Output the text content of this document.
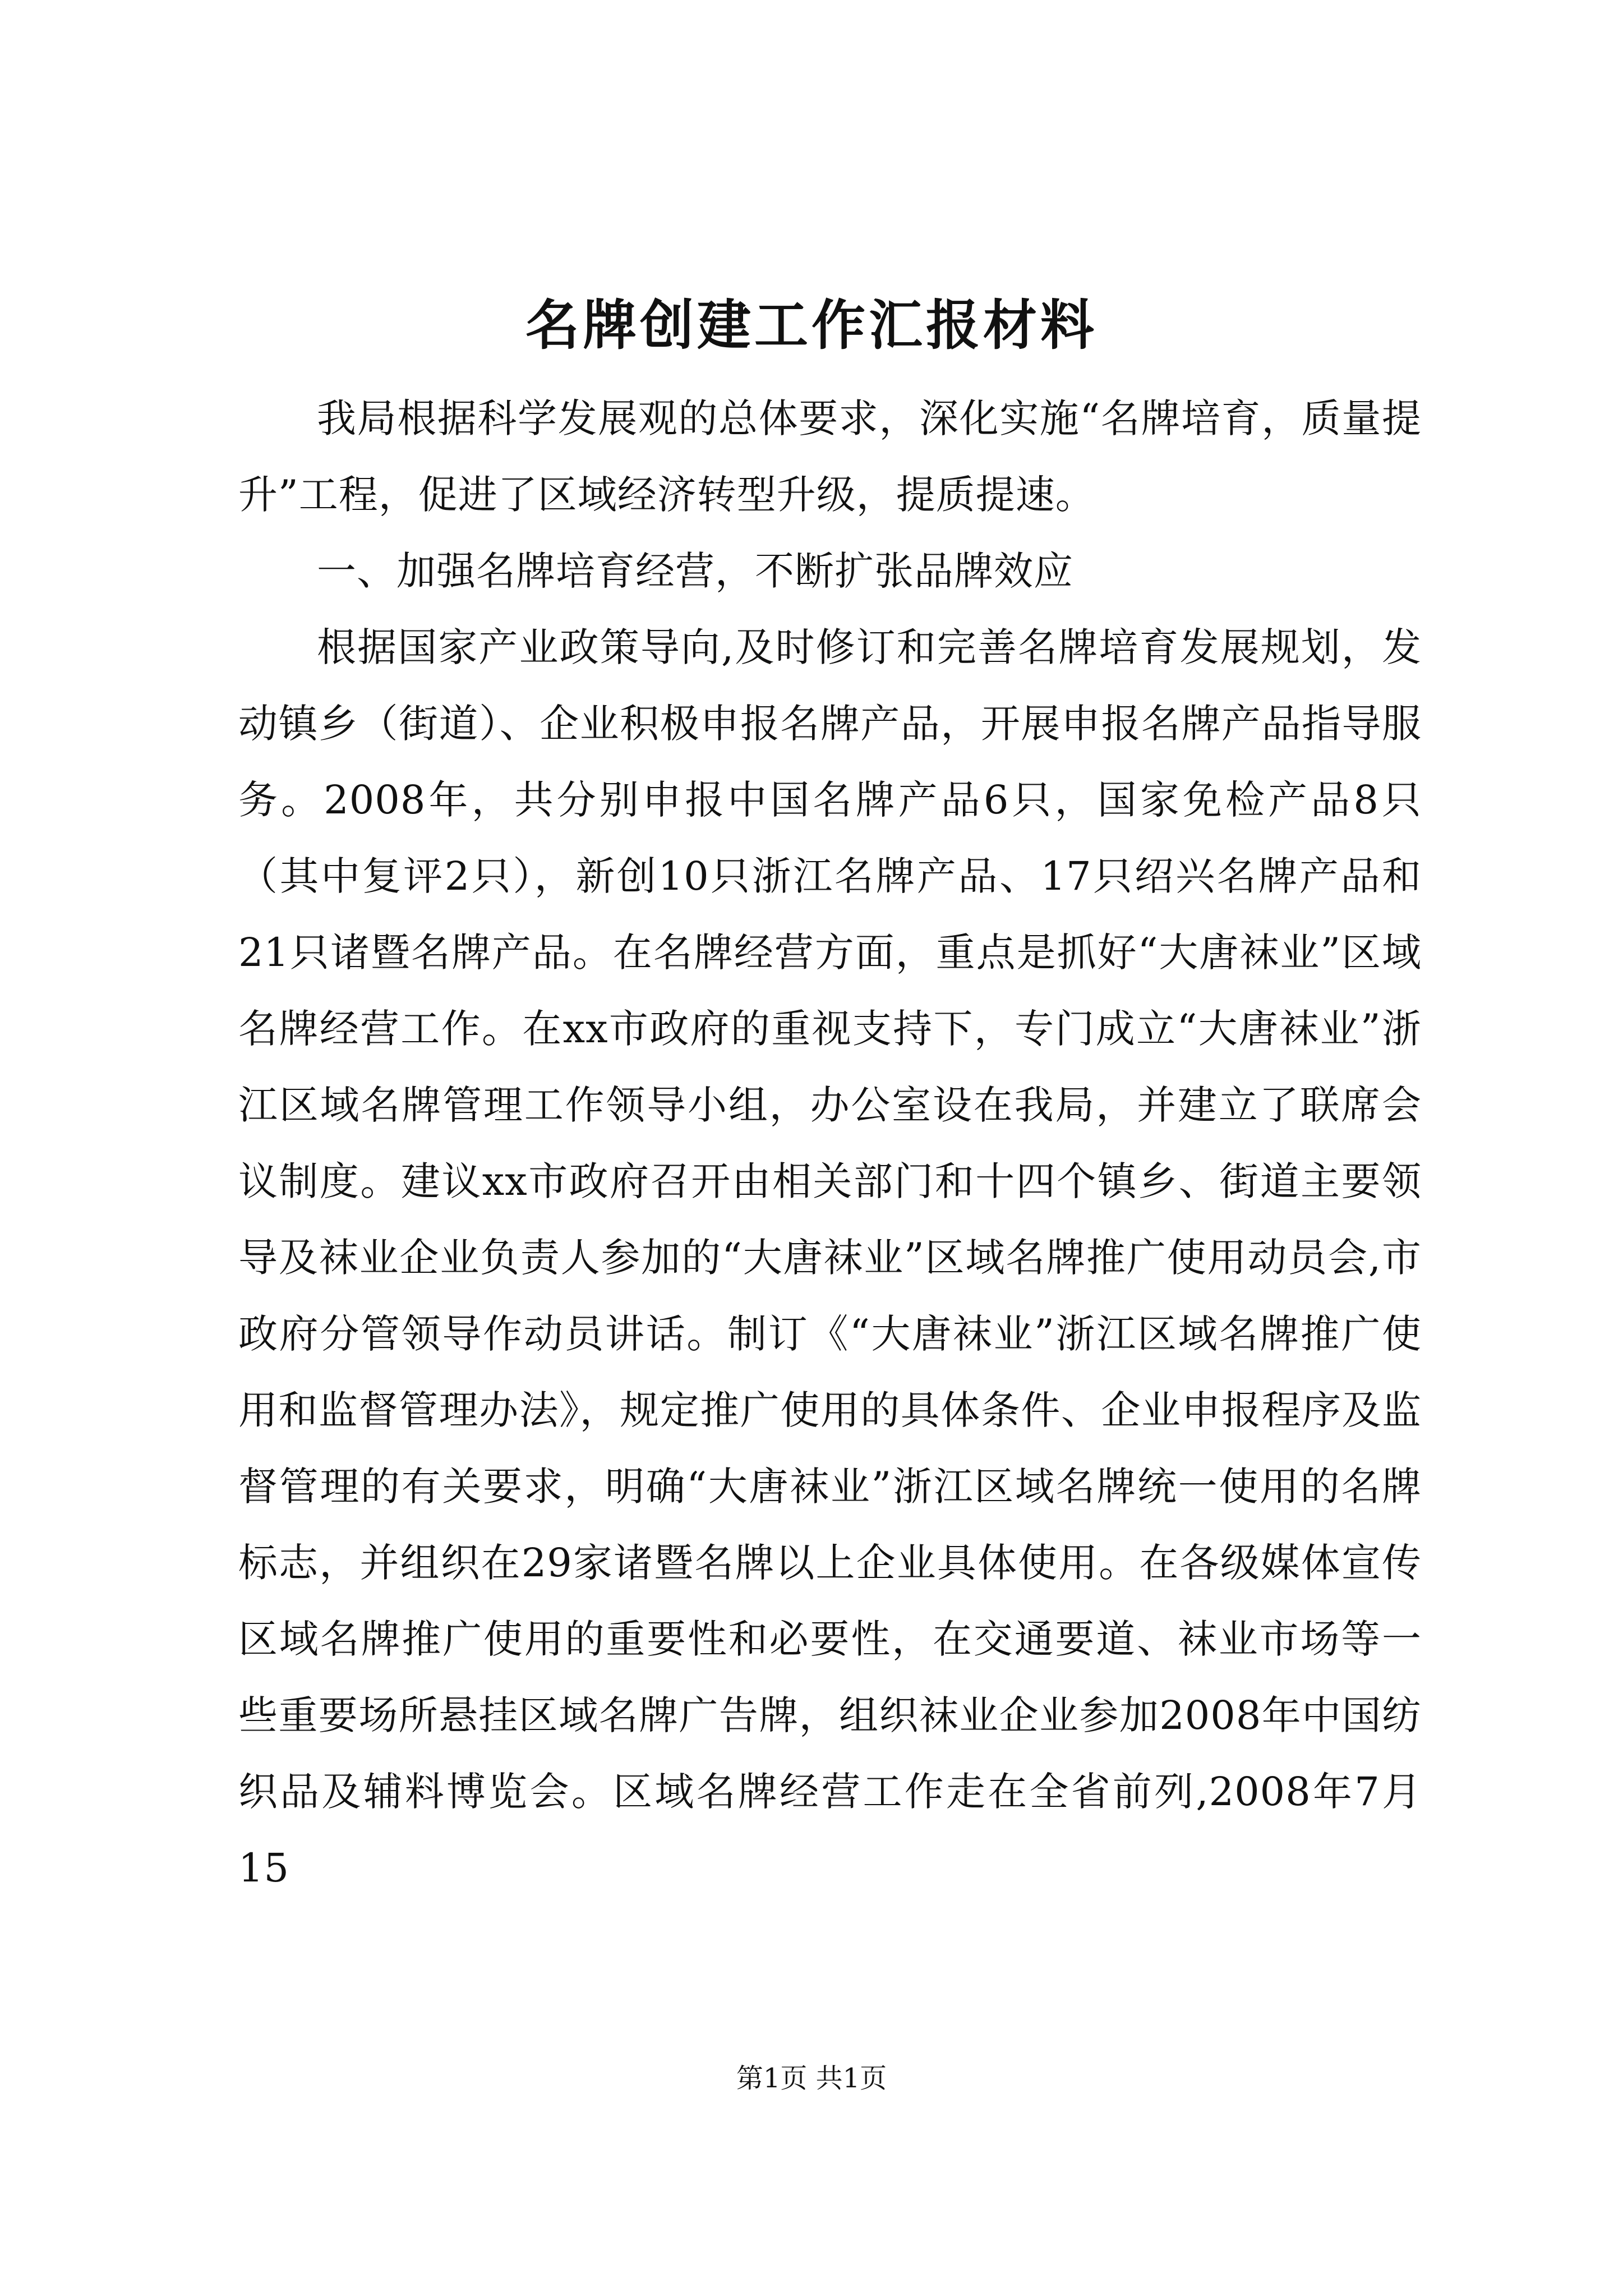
名牌创建工作汇报材料

我局根据科学发展观的总体要求，深化实施“名牌培育，质量提升”工程，促进了区域经济转型升级，提质提速。

一、加强名牌培育经营，不断扩张品牌效应

根据国家产业政策导向,及时修订和完善名牌培育发展规划，发动镇乡（街道）、企业积极申报名牌产品，开展申报名牌产品指导服务。2008年，共分别申报中国名牌产品6只，国家免检产品8只（其中复评2只），新创10只浙江名牌产品、17只绍兴名牌产品和21只诸暨名牌产品。在名牌经营方面，重点是抓好“大唐袜业”区域名牌经营工作。在xx市政府的重视支持下，专门成立“大唐袜业”浙江区域名牌管理工作领导小组，办公室设在我局，并建立了联席会议制度。建议xx市政府召开由相关部门和十四个镇乡、街道主要领导及袜业企业负责人参加的“大唐袜业”区域名牌推广使用动员会,市政府分管领导作动员讲话。制订《“大唐袜业”浙江区域名牌推广使用和监督管理办法》，规定推广使用的具体条件、企业申报程序及监督管理的有关要求，明确“大唐袜业”浙江区域名牌统一使用的名牌标志，并组织在29家诸暨名牌以上企业具体使用。在各级媒体宣传区域名牌推广使用的重要性和必要性，在交通要道、袜业市场等一些重要场所悬挂区域名牌广告牌，组织袜业企业参加2008年中国纺织品及辅料博览会。区域名牌经营工作走在全省前列,2008年7月15

第1页 共1页
